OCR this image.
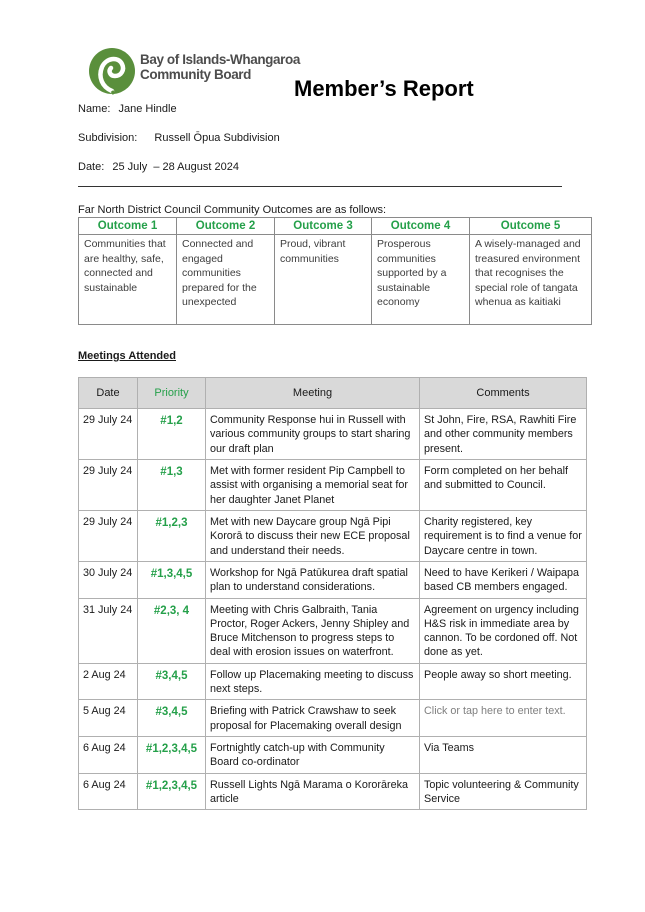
Bay of Islands-Whangaroa
Community Board
Member’s Report
Name: Jane Hindle
Subdivision: Russell Ōpua Subdivision
Date: 25 July  – 28 August 2024
Far North District Council Community Outcomes are as follows:
Outcome 1	Outcome 2	Outcome 3	Outcome 4	Outcome 5
Communities that are healthy, safe, connected and sustainable	Connected and engaged communities prepared for the unexpected	Proud, vibrant communities	Prosperous communities supported by a sustainable economy	A wisely-managed and treasured environment that recognises the special role of tangata whenua as kaitiaki
Meetings Attended
Date	Priority	Meeting	Comments
29 July 24	#1,2	Community Response hui in Russell with various community groups to start sharing our draft plan	St John, Fire, RSA, Rawhiti Fire and other community members present.
29 July 24	#1,3	Met with former resident Pip Campbell to assist with organising a memorial seat for her daughter Janet Planet	Form completed on her behalf and submitted to Council.
29 July 24	#1,2,3	Met with new Daycare group Ngā Pipi Kororā to discuss their new ECE proposal and understand their needs.	Charity registered, key requirement is to find a venue for Daycare centre in town.
30 July 24	#1,3,4,5	Workshop for Ngā Patūkurea draft spatial plan to understand considerations.	Need to have Kerikeri / Waipapa based CB members engaged.
31 July 24	#2,3, 4	Meeting with Chris Galbraith, Tania Proctor, Roger Ackers, Jenny Shipley and Bruce Mitchenson to progress steps to deal with erosion issues on waterfront.	Agreement on urgency including H&S risk in immediate area by cannon. To be cordoned off. Not done as yet.
2 Aug 24	#3,4,5	Follow up Placemaking meeting to discuss next steps.	People away so short meeting.
5 Aug 24	#3,4,5	Briefing with Patrick Crawshaw to seek proposal for Placemaking overall design	Click or tap here to enter text.
6 Aug 24	#1,2,3,4,5	Fortnightly catch-up with Community Board co-ordinator	Via Teams
6 Aug 24	#1,2,3,4,5	Russell Lights Ngā Marama o Kororāreka article	Topic volunteering & Community Service
